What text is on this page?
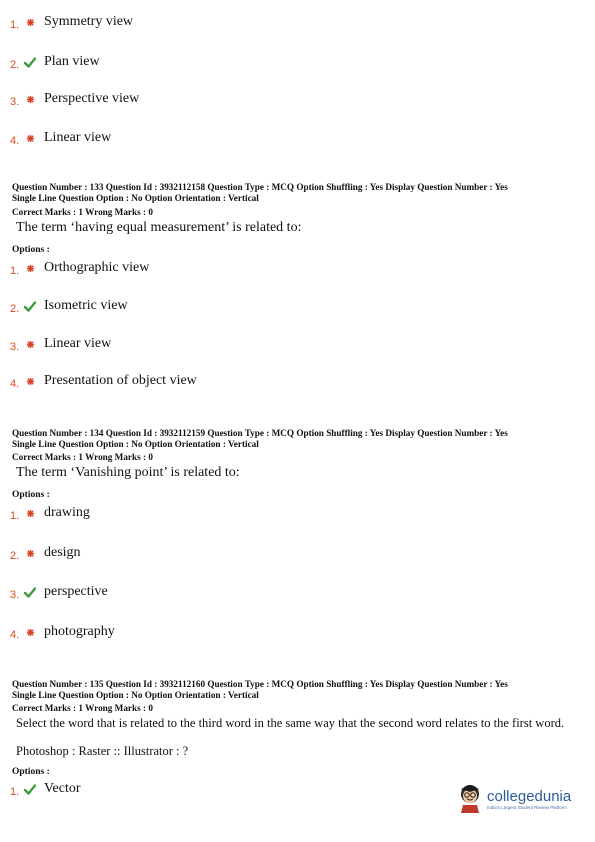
1. Symmetry view
2. Plan view
3. Perspective view
4. Linear view
Question Number : 133 Question Id : 3932112158 Question Type : MCQ Option Shuffling : Yes Display Question Number : Yes
Single Line Question Option : No Option Orientation : Vertical
Correct Marks : 1 Wrong Marks : 0
The term ‘having equal measurement’ is related to:
Options :
1. Orthographic view
2. Isometric view
3. Linear view
4. Presentation of object view
Question Number : 134 Question Id : 3932112159 Question Type : MCQ Option Shuffling : Yes Display Question Number : Yes
Single Line Question Option : No Option Orientation : Vertical
Correct Marks : 1 Wrong Marks : 0
The term ‘Vanishing point’ is related to:
Options :
1. drawing
2. design
3. perspective
4. photography
Question Number : 135 Question Id : 3932112160 Question Type : MCQ Option Shuffling : Yes Display Question Number : Yes
Single Line Question Option : No Option Orientation : Vertical
Correct Marks : 1 Wrong Marks : 0
Select the word that is related to the third word in the same way that the second word relates to the first word.
Photoshop : Raster :: Illustrator : ?
Options :
1. Vector	collegedunia
India's Largest Student Review Platform
